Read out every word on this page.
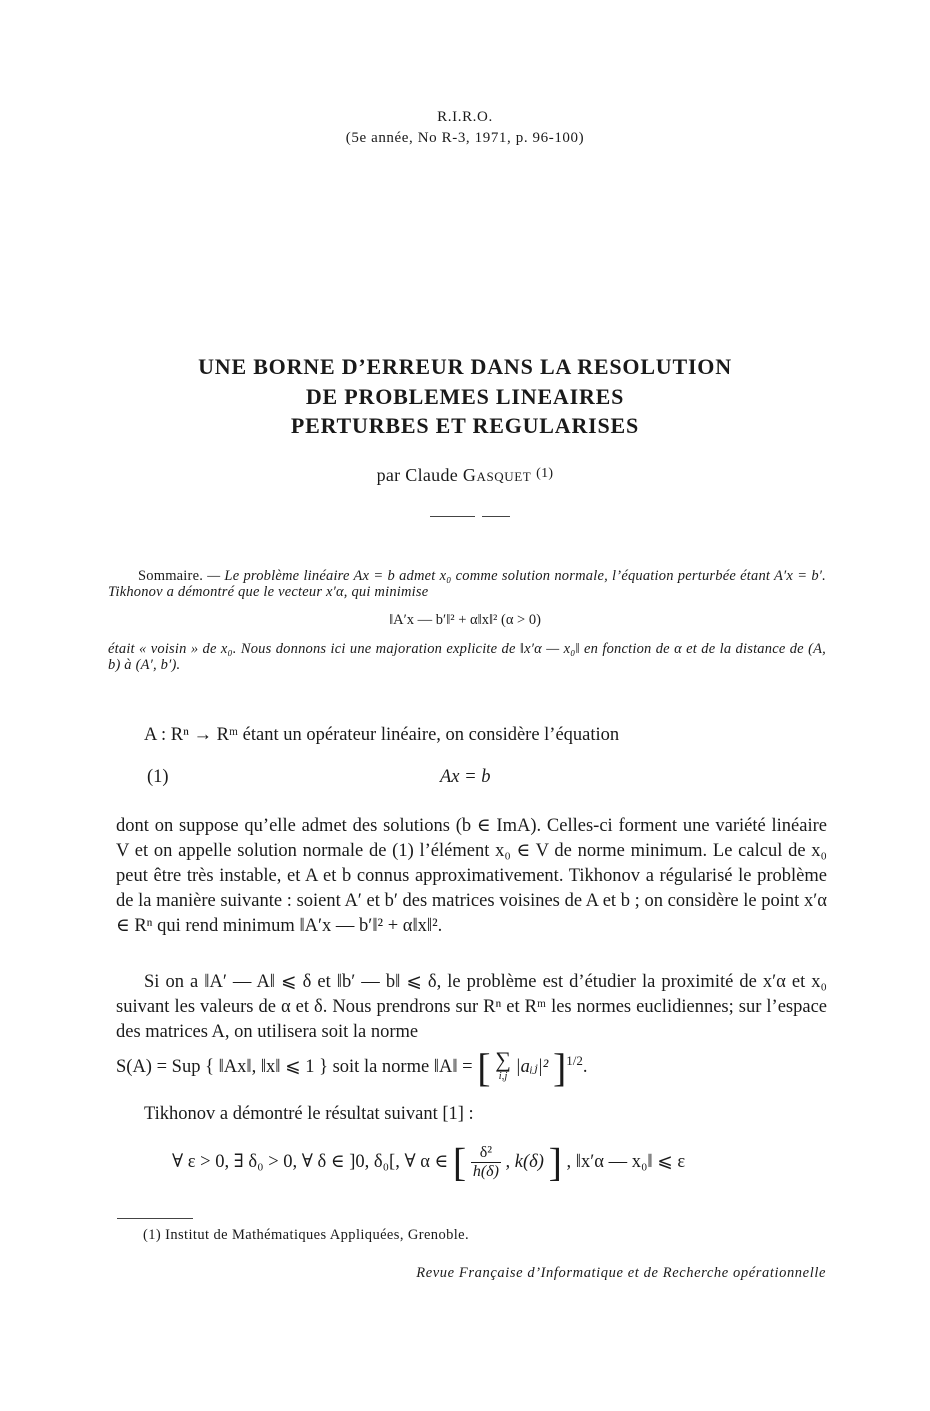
R.I.R.O.
(5e année, No R-3, 1971, p. 96-100)
UNE BORNE D’ERREUR DANS LA RESOLUTION
DE PROBLEMES LINEAIRES
PERTURBES ET REGULARISES
par Claude Gasquet $^{(1)}$
Sommaire. — Le problème linéaire Ax = b admet x₀ comme solution normale, l’équation perturbée étant A′x = b′. Tikhonov a démontré que le vecteur x′α, qui minimise
‖A′x — b′‖² + α‖x‖² (α > 0)
était « voisin » de x₀. Nous donnons ici une majoration explicite de ‖x′α — x₀‖ en fonction de α et de la distance de (A, b) à (A′, b′).
A : Rⁿ → Rᵐ étant un opérateur linéaire, on considère l’équation
(1)	Ax = b

dont on suppose qu’elle admet des solutions (b ∈ ImA). Celles-ci forment une variété linéaire V et on appelle solution normale de (1) l’élément x₀ ∈ V de norme minimum. Le calcul de x₀ peut être très instable, et A et b connus approximativement. Tikhonov a régularisé le problème de la manière suivante : soient A′ et b′ des matrices voisines de A et b ; on considère le point x′α ∈ Rⁿ qui rend minimum ‖A′x — b′‖² + α‖x‖².

Si on a ‖A′ — A‖ ⩽ δ et ‖b′ — b‖ ⩽ δ, le problème est d’étudier la proximité de x′α et x₀ suivant les valeurs de α et δ. Nous prendrons sur Rⁿ et Rᵐ les normes euclidiennes; sur l’espace des matrices A, on utilisera soit la norme

S(A) = Sup { ‖Ax‖, ‖x‖ ⩽ 1 } soit la norme ‖A‖ = [ ∑
i,j |aᵢⱼ|² ]$^{1/2}$.
Tikhonov a démontré le résultat suivant [1] :
∀ ε > 0, ∃ δ₀ > 0, ∀ δ ∈ ]0, δ₀[, ∀ α ∈ [ $\frac{\text{δ²}}{h(\delta)}$ , k(δ) ] , ‖x′α — x₀‖ ⩽ ε
(1) Institut de Mathématiques Appliquées, Grenoble.
Revue Française d’Informatique et de Recherche opérationnelle
